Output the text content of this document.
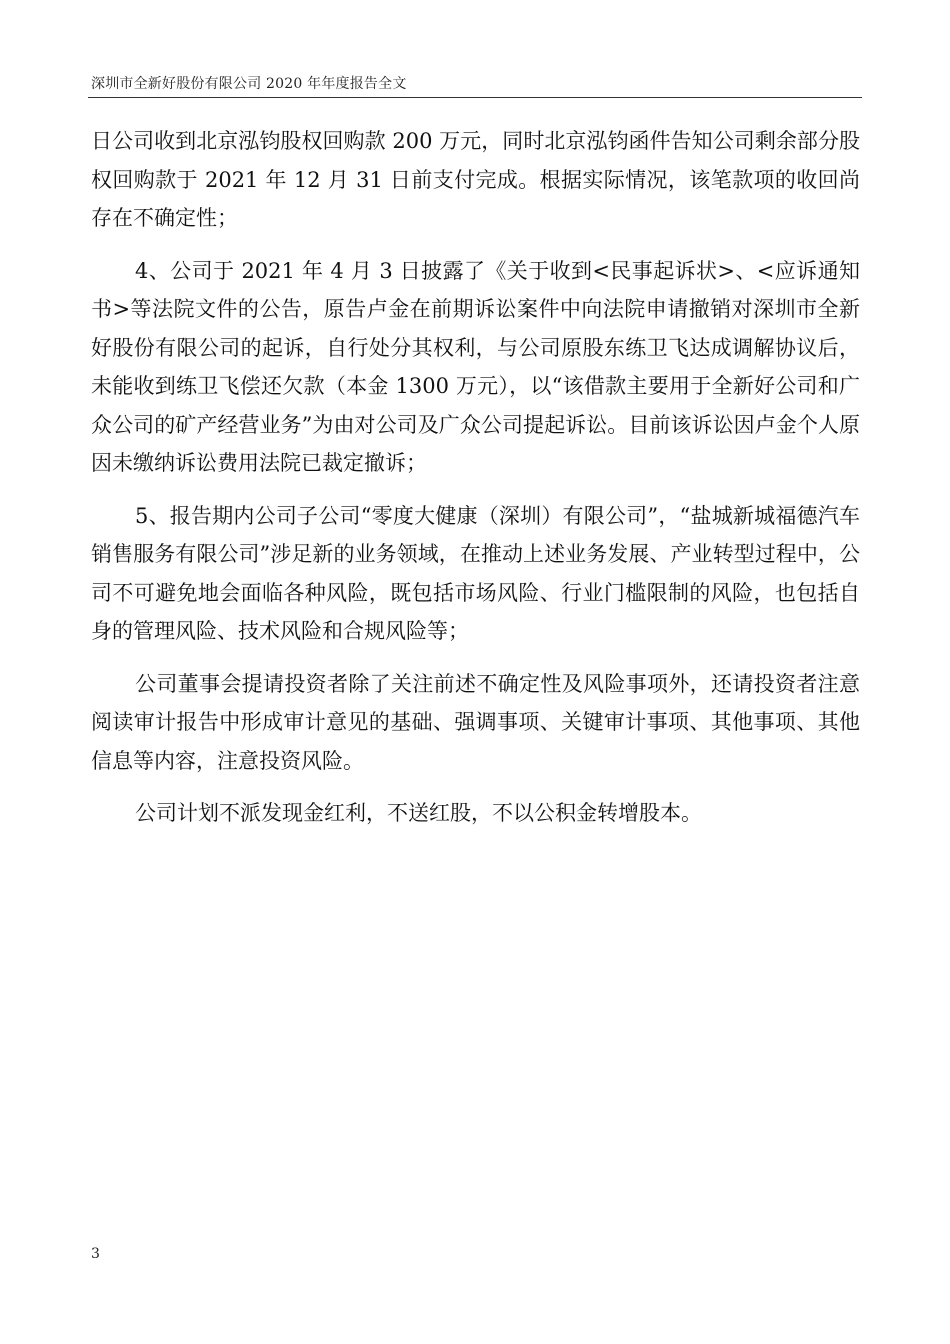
深圳市全新好股份有限公司 2020 年年度报告全文

日公司收到北京泓钧股权回购款 200 万元，同时北京泓钧函件告知公司剩余部分股权回购款于 2021 年 12 月 31 日前支付完成。根据实际情况，该笔款项的收回尚存在不确定性；

4、公司于 2021 年 4 月 3 日披露了《关于收到<民事起诉状>、<应诉通知书>等法院文件的公告，原告卢金在前期诉讼案件中向法院申请撤销对深圳市全新好股份有限公司的起诉，自行处分其权利，与公司原股东练卫飞达成调解协议后，未能收到练卫飞偿还欠款（本金 1300 万元），以“该借款主要用于全新好公司和广众公司的矿产经营业务”为由对公司及广众公司提起诉讼。目前该诉讼因卢金个人原因未缴纳诉讼费用法院已裁定撤诉；

5、报告期内公司子公司“零度大健康（深圳）有限公司”，“盐城新城福德汽车销售服务有限公司”涉足新的业务领域，在推动上述业务发展、产业转型过程中，公司不可避免地会面临各种风险，既包括市场风险、行业门槛限制的风险，也包括自身的管理风险、技术风险和合规风险等；

公司董事会提请投资者除了关注前述不确定性及风险事项外，还请投资者注意阅读审计报告中形成审计意见的基础、强调事项、关键审计事项、其他事项、其他信息等内容，注意投资风险。

公司计划不派发现金红利，不送红股，不以公积金转增股本。

3
